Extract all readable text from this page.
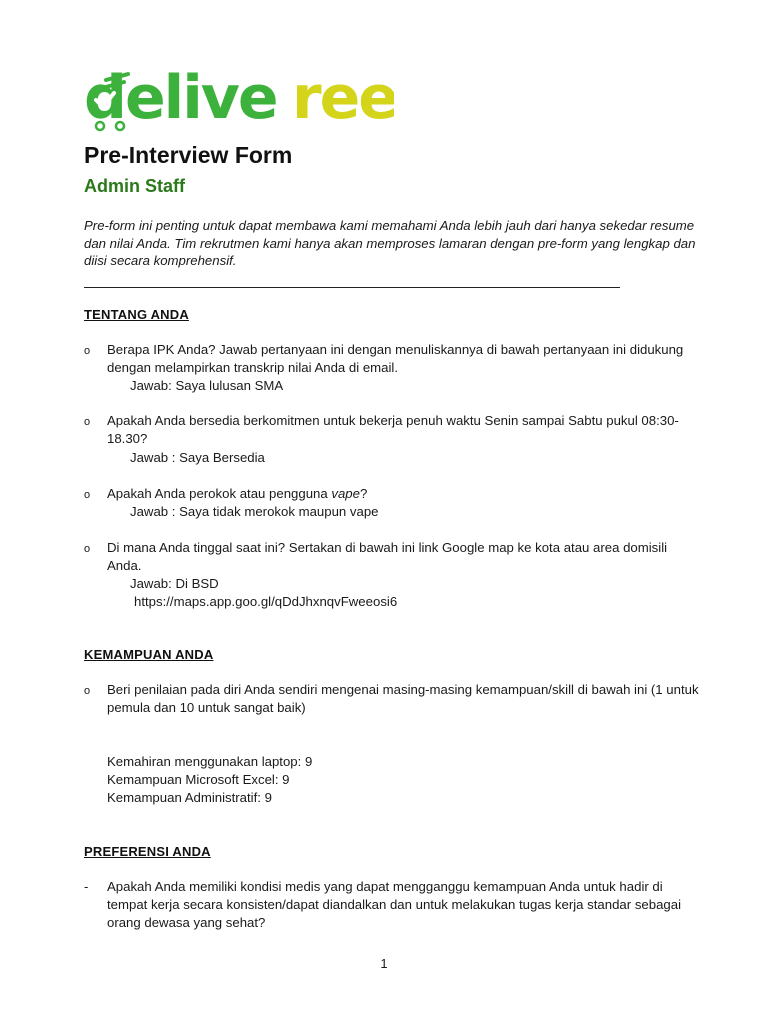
delive ree
Pre-Interview Form
Admin Staff
Pre-form ini penting untuk dapat membawa kami memahami Anda lebih jauh dari hanya sekedar resume dan nilai Anda. Tim rekrutmen kami hanya akan memproses lamaran dengan pre-form yang lengkap dan diisi secara komprehensif.
TENTANG ANDA
o Berapa IPK Anda? Jawab pertanyaan ini dengan menuliskannya di bawah pertanyaan ini didukung dengan melampirkan transkrip nilai Anda di email.
Jawab: Saya lulusan SMA
o Apakah Anda bersedia berkomitmen untuk bekerja penuh waktu Senin sampai Sabtu pukul 08:30-18.30?
Jawab : Saya Bersedia
o Apakah Anda perokok atau pengguna vape?
Jawab : Saya tidak merokok maupun vape
o Di mana Anda tinggal saat ini? Sertakan di bawah ini link Google map ke kota atau area domisili Anda.
Jawab: Di BSD
https://maps.app.goo.gl/qDdJhxnqvFweeosi6
KEMAMPUAN ANDA
o Beri penilaian pada diri Anda sendiri mengenai masing-masing kemampuan/skill di bawah ini (1 untuk pemula dan 10 untuk sangat baik)
Kemahiran menggunakan laptop: 9
Kemampuan Microsoft Excel: 9
Kemampuan Administratif: 9
PREFERENSI ANDA
- Apakah Anda memiliki kondisi medis yang dapat mengganggu kemampuan Anda untuk hadir di tempat kerja secara konsisten/dapat diandalkan dan untuk melakukan tugas kerja standar sebagai orang dewasa yang sehat?
1
